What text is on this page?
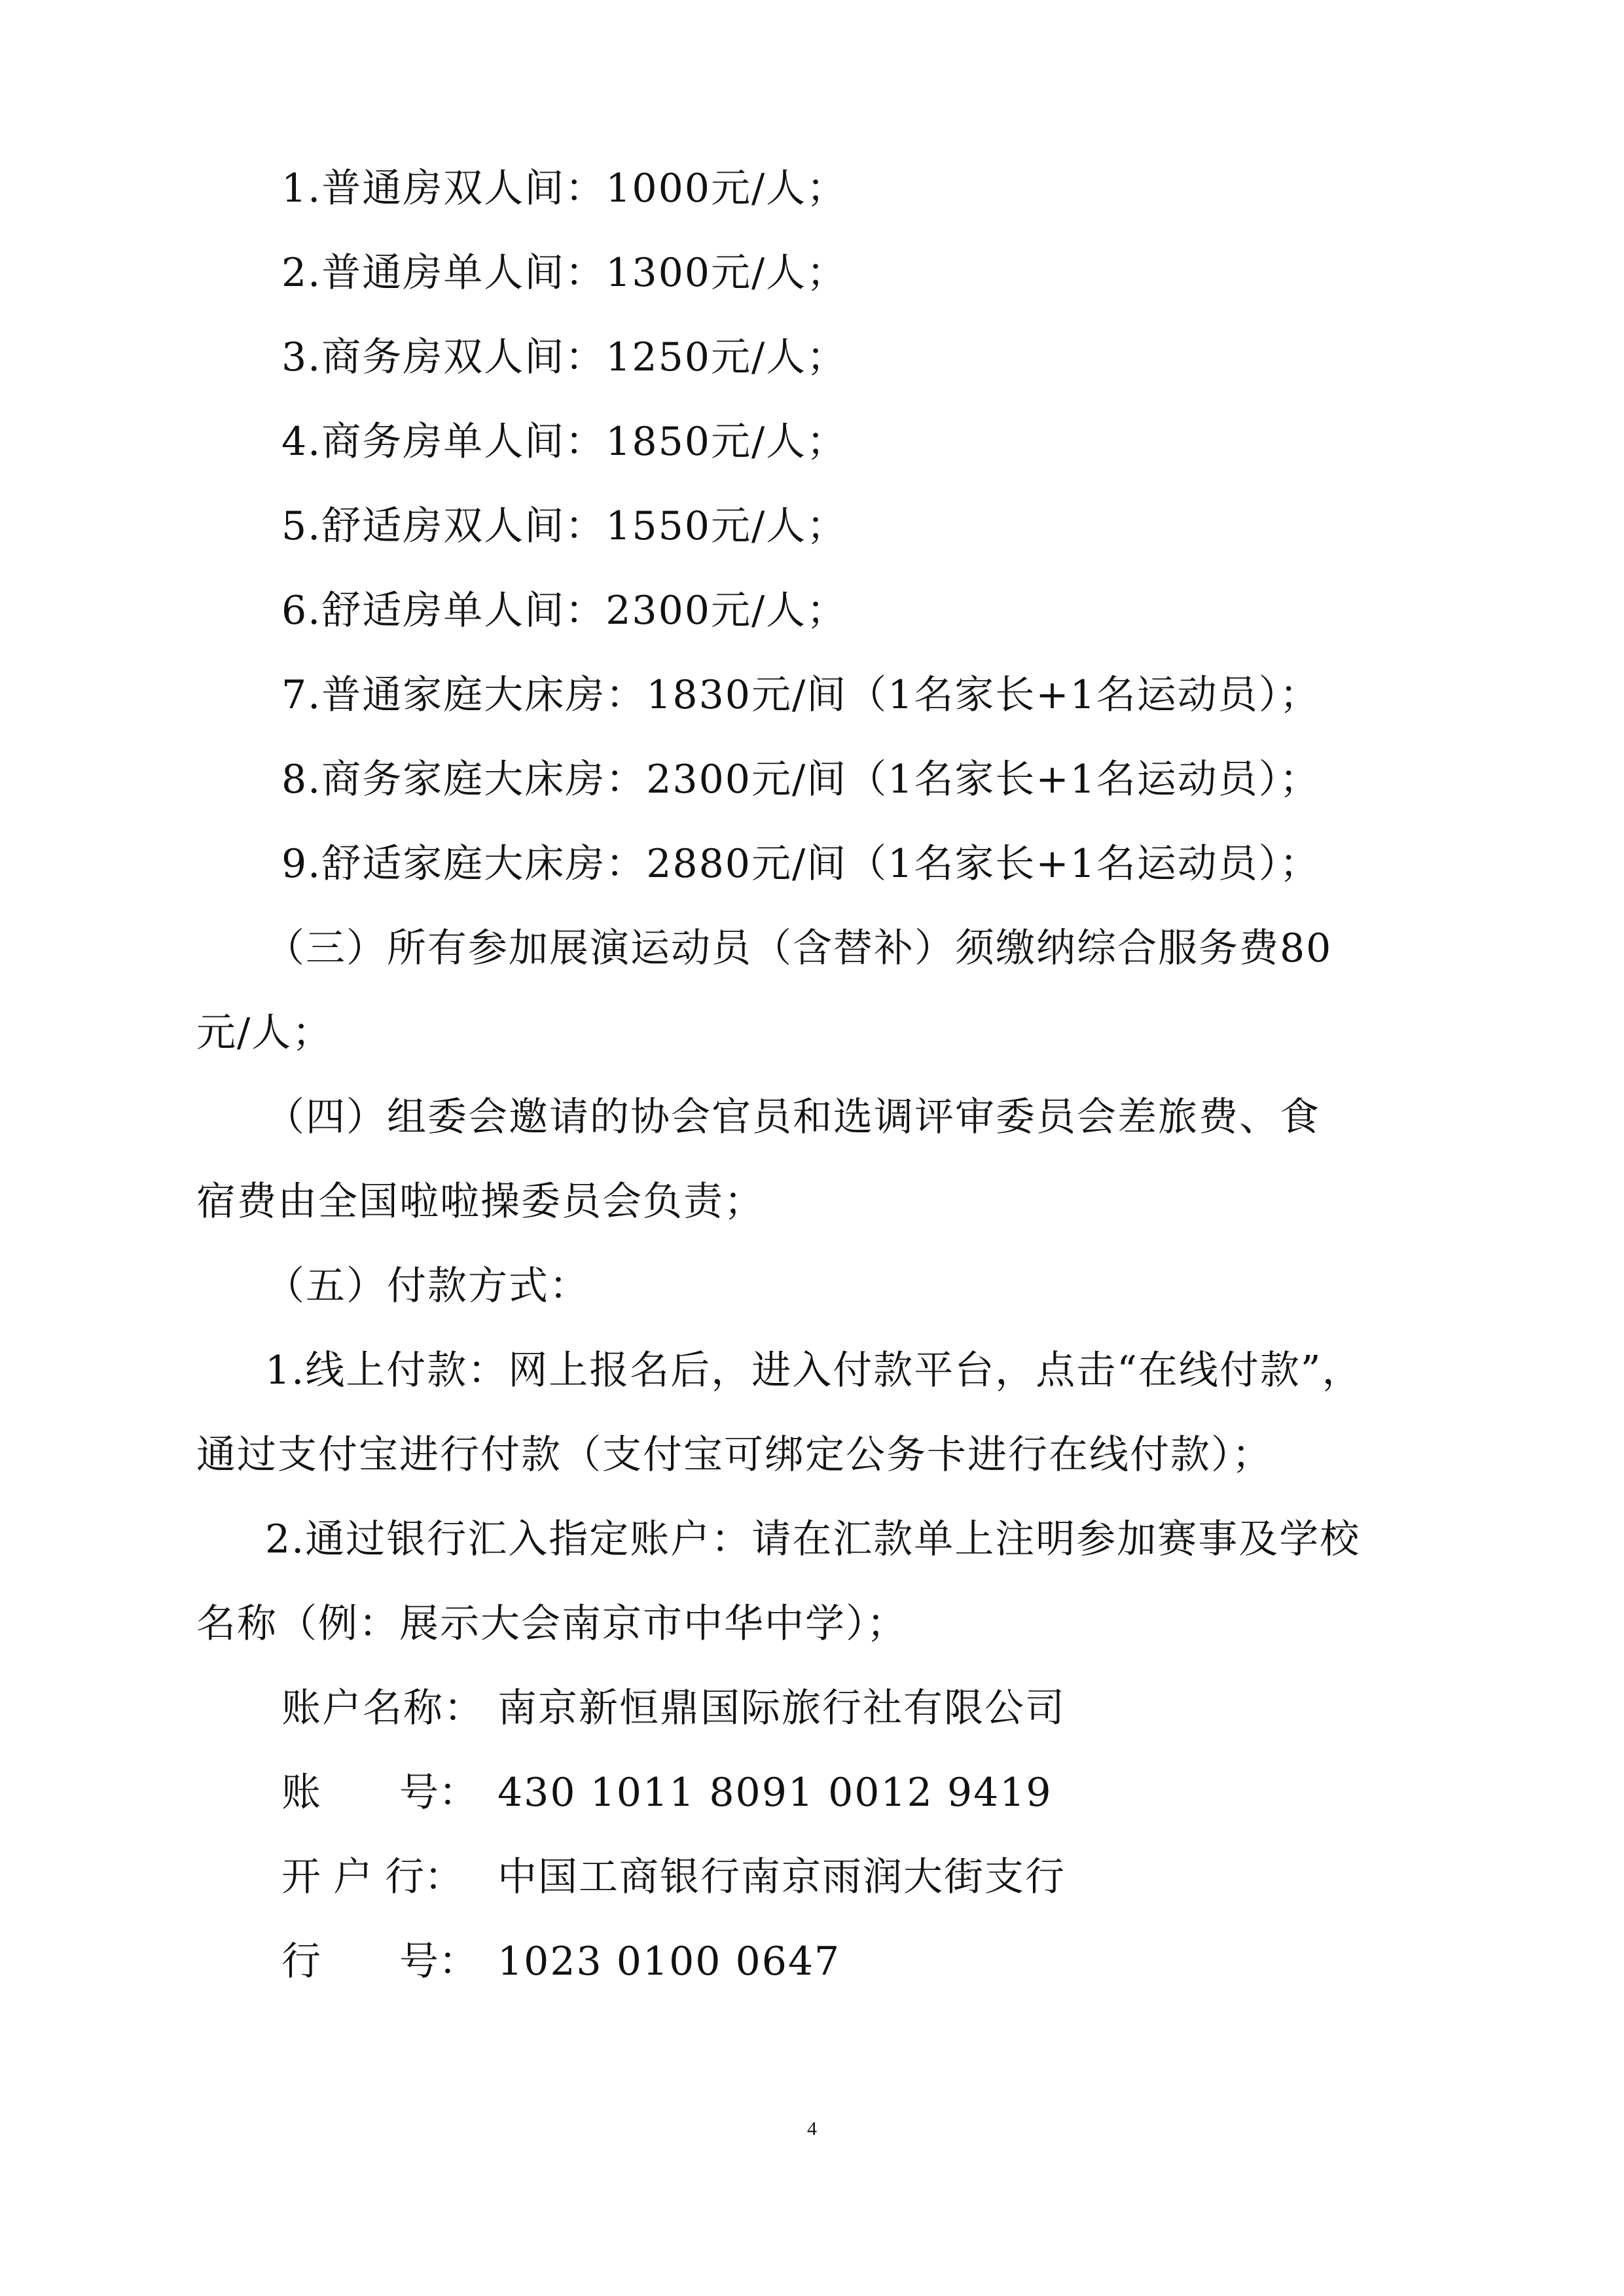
1.普通房双人间：1000元/人；
2.普通房单人间：1300元/人；
3.商务房双人间：1250元/人；
4.商务房单人间：1850元/人；
5.舒适房双人间：1550元/人；
6.舒适房单人间：2300元/人；
7.普通家庭大床房：1830元/间（1名家长+1名运动员）；
8.商务家庭大床房：2300元/间（1名家长+1名运动员）；
9.舒适家庭大床房：2880元/间（1名家长+1名运动员）；
（三）所有参加展演运动员（含替补）须缴纳综合服务费80
元/人；
（四）组委会邀请的协会官员和选调评审委员会差旅费、食
宿费由全国啦啦操委员会负责；
（五）付款方式：
1.线上付款：网上报名后，进入付款平台，点击“在线付款”，
通过支付宝进行付款（支付宝可绑定公务卡进行在线付款）；
2.通过银行汇入指定账户：请在汇款单上注明参加赛事及学校
名称（例：展示大会南京市中华中学）；
账户名称： 南京新恒鼎国际旅行社有限公司
账　　号： 430 1011 8091 0012 9419
开 户 行： 中国工商银行南京雨润大街支行
行　　号： 1023 0100 0647
4
